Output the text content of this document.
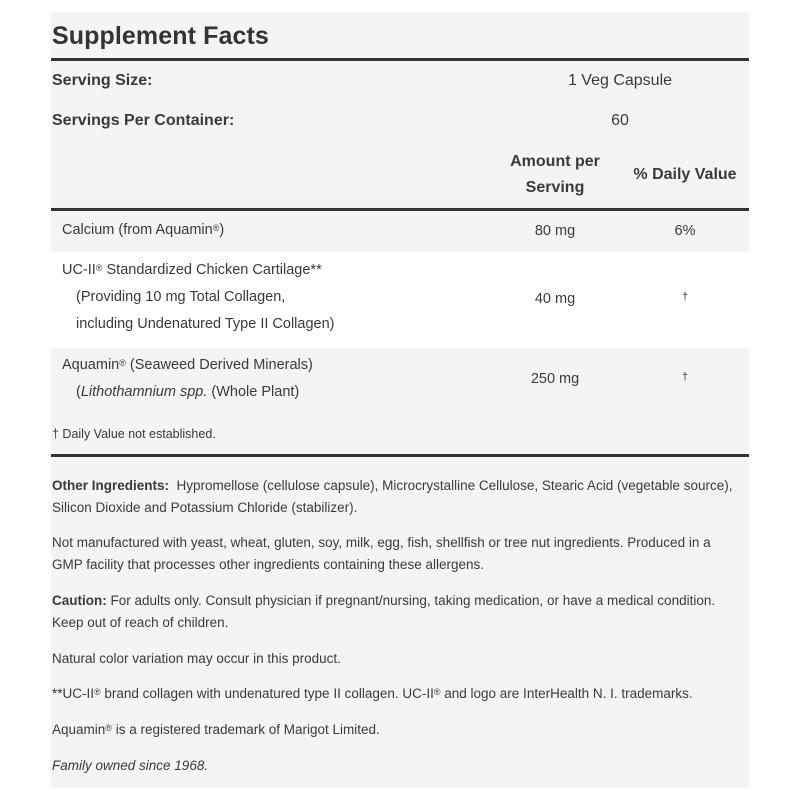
Supplement Facts
Serving Size:	1 Veg Capsule
Servings Per Container:	60
Amount per
Serving
% Daily Value
Calcium (from Aquamin®)	80 mg	6%
UC-II® Standardized Chicken Cartilage**
(Providing 10 mg Total Collagen,
including Undenatured Type II Collagen)
40 mg	†
Aquamin® (Seaweed Derived Minerals)
(Lithothamnium spp. (Whole Plant)
250 mg	†
† Daily Value not established.
Other Ingredients: Hypromellose (cellulose capsule), Microcrystalline Cellulose, Stearic Acid (vegetable source), Silicon Dioxide and Potassium Chloride (stabilizer).
Not manufactured with yeast, wheat, gluten, soy, milk, egg, fish, shellfish or tree nut ingredients. Produced in a GMP facility that processes other ingredients containing these allergens.
Caution: For adults only. Consult physician if pregnant/nursing, taking medication, or have a medical condition. Keep out of reach of children.
Natural color variation may occur in this product.
**UC-II® brand collagen with undenatured type II collagen. UC-II® and logo are InterHealth N. I. trademarks.
Aquamin® is a registered trademark of Marigot Limited.
Family owned since 1968.
